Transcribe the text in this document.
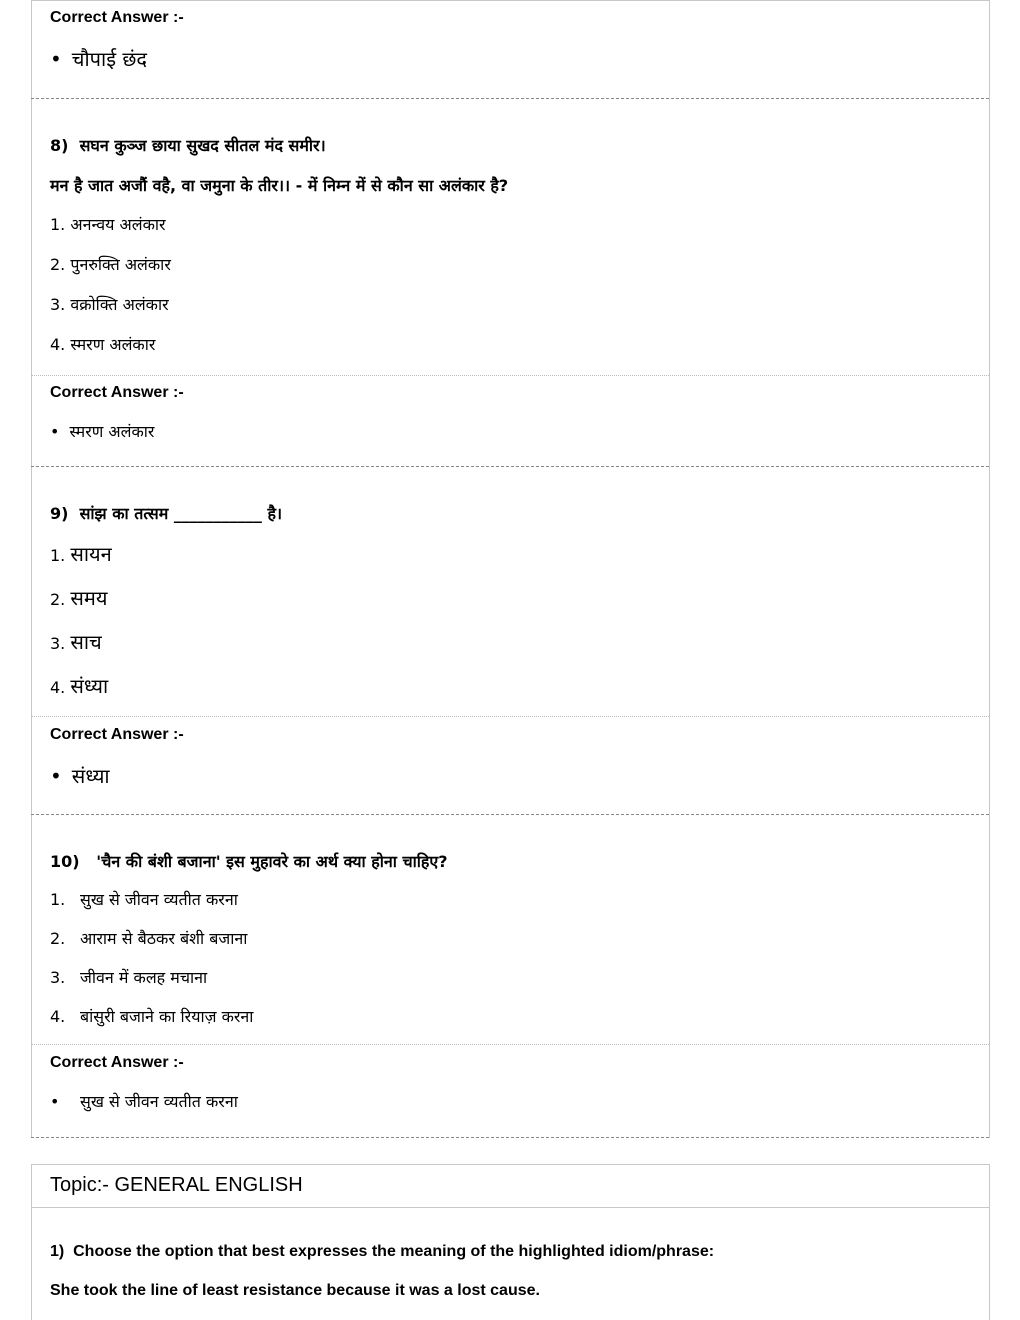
Correct Answer :-
• चौपाई छंद
8) सघन कुञ्ज छाया सुखद सीतल मंद समीर।
मन है जात अजौं वहै, वा जमुना के तीर।। - में निम्न में से कौन सा अलंकार है?
1. अनन्वय अलंकार
2. पुनरुक्ति अलंकार
3. वक्रोक्ति अलंकार
4. स्मरण अलंकार
Correct Answer :-
• स्मरण अलंकार
9) सांझ का तत्सम ___________ है।
1. सायन
2. समय
3. साच
4. संध्या
Correct Answer :-
• संध्या
10) 'चैन की बंशी बजाना' इस मुहावरे का अर्थ क्या होना चाहिए?
1. सुख से जीवन व्यतीत करना
2. आराम से बैठकर बंशी बजाना
3. जीवन में कलह मचाना
4. बांसुरी बजाने का रियाज़ करना
Correct Answer :-
• सुख से जीवन व्यतीत करना
Topic:- GENERAL ENGLISH
1) Choose the option that best expresses the meaning of the highlighted idiom/phrase:
She took the line of least resistance because it was a lost cause.
